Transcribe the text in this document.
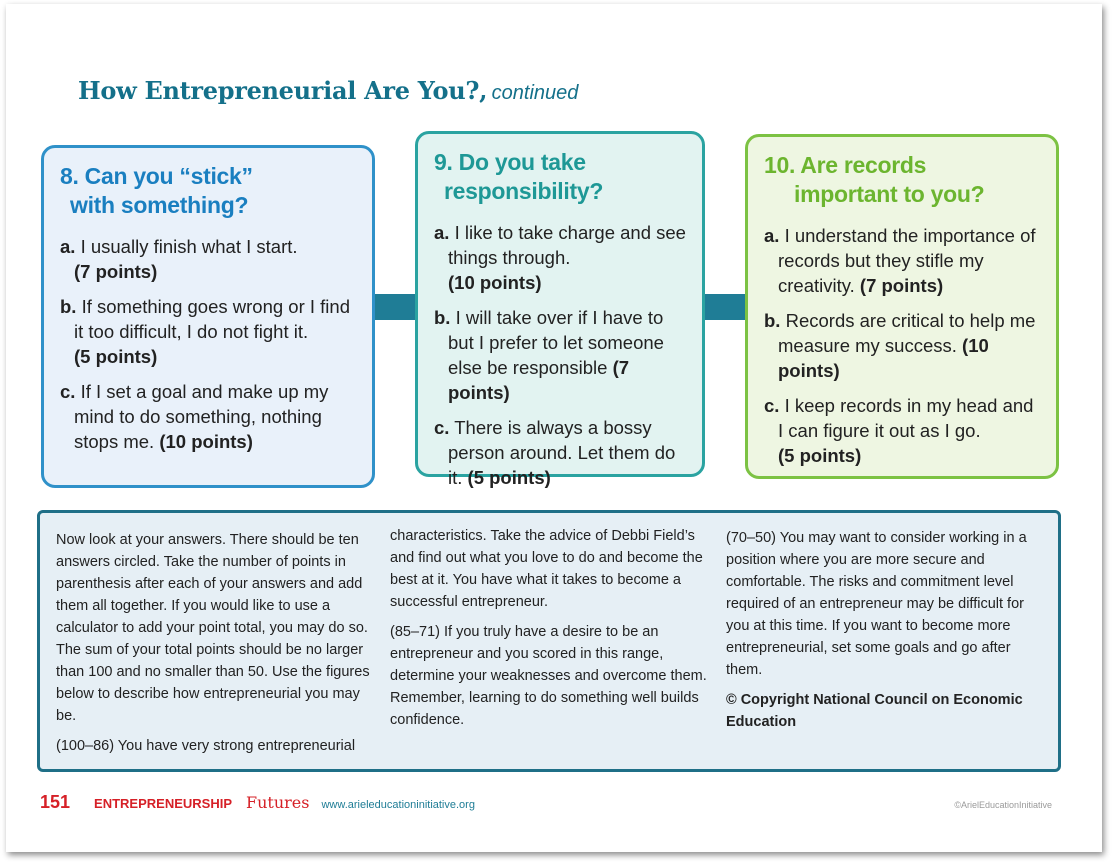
How Entrepreneurial Are You?, continued
8. Can you “stick”
with something?
a. I usually finish what I start.
(7 points)
b. If something goes wrong or I find it too difficult, I do not fight it.
(5 points)
c. If I set a goal and make up my mind to do something, nothing stops me. (10 points)
9. Do you take
responsibility?
a. I like to take charge and see things through.
(10 points)
b. I will take over if I have to but I prefer to let someone else be responsible (7 points)
c. There is always a bossy person around. Let them do it. (5 points)
10. Are records
important to you?
a. I understand the importance of records but they stifle my creativity. (7 points)
b. Records are critical to help me measure my success. (10 points)
c. I keep records in my head and I can figure it out as I go.
(5 points)

Now look at your answers. There should be ten answers circled. Take the number of points in parenthesis after each of your answers and add them all together. If you would like to use a calculator to add your point total, you may do so. The sum of your total points should be no larger than 100 and no smaller than 50. Use the figures below to describe how entrepreneurial you may be.

(100–86) You have very strong entrepreneurial

characteristics. Take the advice of Debbi Field’s and find out what you love to do and become the best at it. You have what it takes to become a successful entrepreneur.

(85–71) If you truly have a desire to be an entrepreneur and you scored in this range, determine your weaknesses and overcome them. Remember, learning to do something well builds confidence.

(70–50) You may want to consider working in a position where you are more secure and comfortable. The risks and commitment level required of an entrepreneur may be difficult for you at this time. If you want to become more entrepreneurial, set some goals and go after them.

© Copyright National Council on Economic Education

151 ENTREPRENEURSHIP Futures www.arieleducationinitiative.org	©ArielEducationInitiative
